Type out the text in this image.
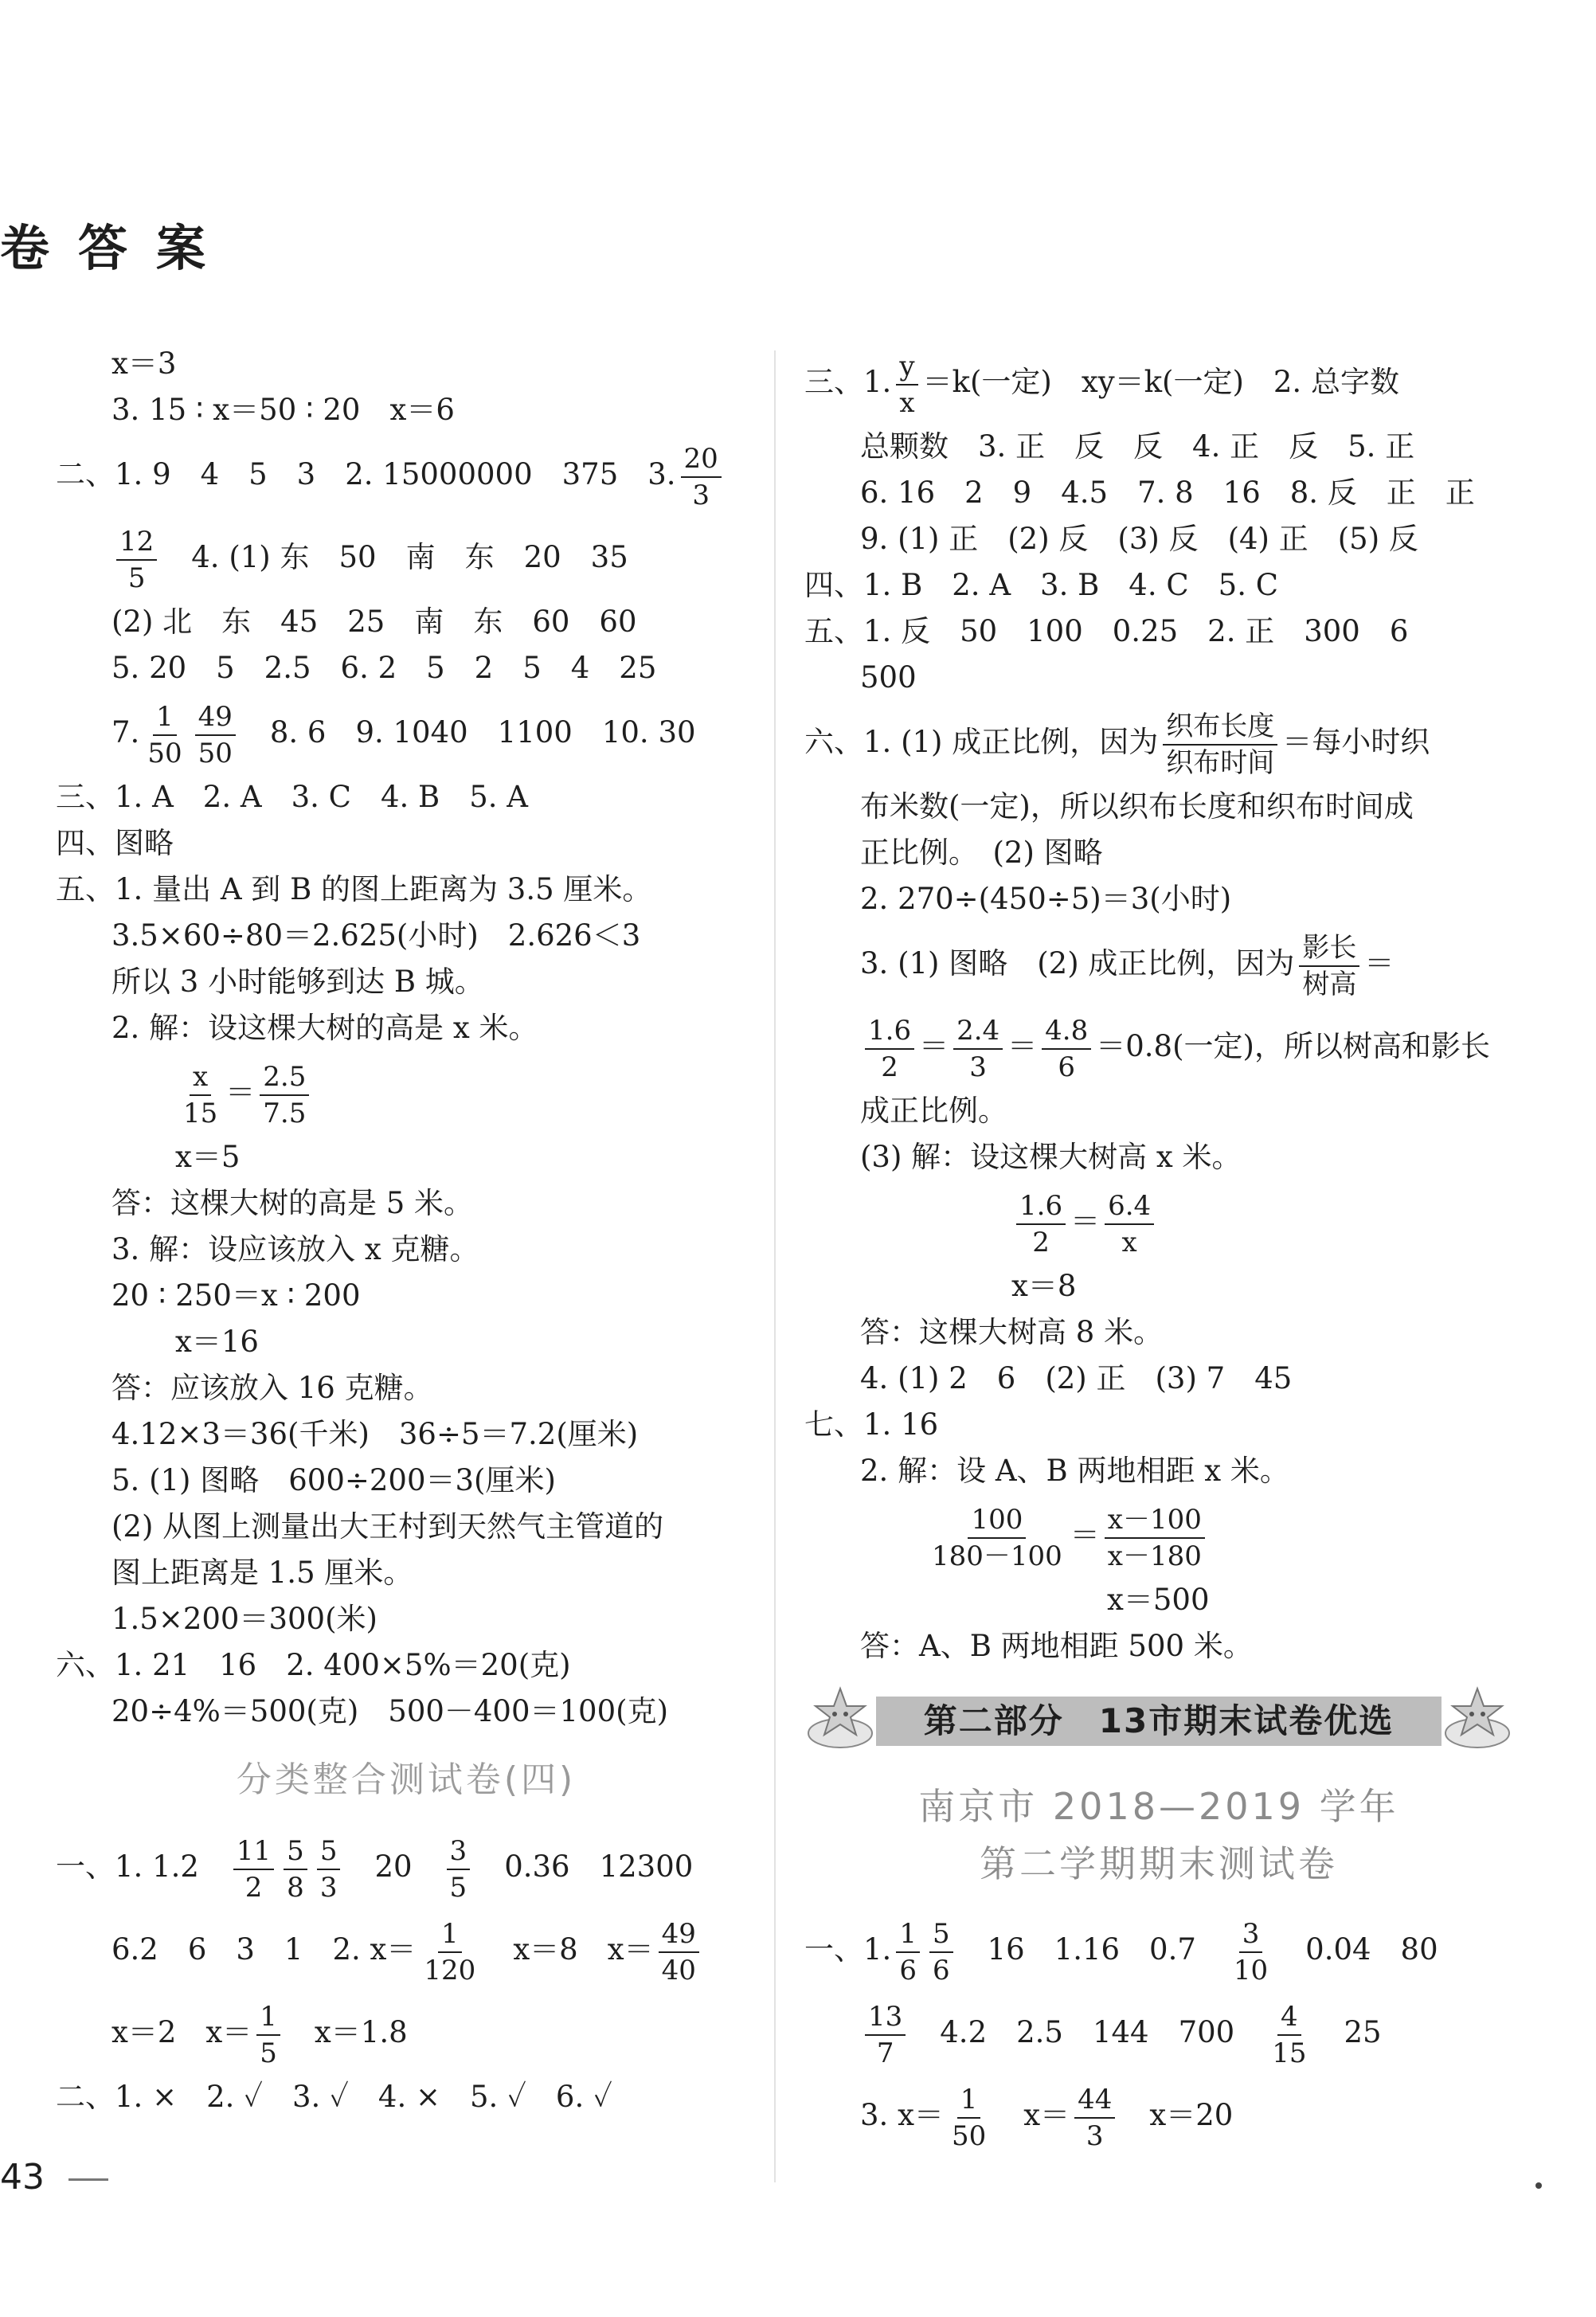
卷答案

x＝3

3. 15 ∶ x＝50 ∶ 20　x＝6

二、1. 9　4　5　3　2. 15000000　375　3. $\frac{20}{3}$

$\frac{12}{5}$
　 4. (1) 东　50　南　东　20　35

(2) 北　东　45　25　南　东　60　60

5. 20　5　2.5　6. 2　5　2　5　4　25

7. $\frac{1}{50} \frac{49}{50}$
　 8. 6　9. 1040　1100　10. 30

三、1. A　2. A　3. C　4. B　5. A

四、图略

五、1. 量出 A 到 B 的图上距离为 3.5 厘米。

3.5×60÷80＝2.625(小时)　2.626＜3

所以 3 小时能够到达 B 城。

2. 解：设这棵大树的高是 x 米。

$\frac{x}{15} = \frac{2.5}{7.5}$

x＝5

答：这棵大树的高是 5 米。

3. 解：设应该放入 x 克糖。

20 ∶ 250＝x ∶ 200

x＝16

答：应该放入 16 克糖。

4.12×3＝36(千米)　36÷5＝7.2(厘米)

5. (1) 图略　600÷200＝3(厘米)

(2) 从图上测量出大王村到天然气主管道的

图上距离是 1.5 厘米。

1.5×200＝300(米)

六、1. 21　16　2. 400×5%＝20(克)

20÷4%＝500(克)　500－400＝100(克)

分类整合测试卷(四)

一、1. 1.2　 $\frac{11}{2} \frac{5}{8} \frac{5}{3}$
　 20　 $\frac{3}{5}$
　 0.36　12300

6.2　6　3　1　2. $x= \frac{1}{120}$
　 x＝8　$x= \frac{49}{40}$

x＝2　$x= \frac{1}{5}$
　 x＝1.8

二、1. ×　2. ✓　3. ✓　4. ×　5. ✓　6. ✓

三、1. $\frac{y}{x} =k$(一定)　xy＝k(一定)　2. 总字数

总颗数　3. 正　反　反　4. 正　反　5. 正

6. 16　2　9　4.5　7. 8　16　8. 反　正　正

9. (1) 正　(2) 反　(3) 反　(4) 正　(5) 反

四、1. B　2. A　3. B　4. C　5. C

五、1. 反　50　100　0.25　2. 正　300　6

500

六、1. (1) 成正比例，因为 $\frac{\text{织布长度}}{\text{织布时间}}$ ＝每小时织

布米数(一定)，所以织布长度和织布时间成

正比例。　(2) 图略

2. 270÷(450÷5)＝3(小时)

3. (1) 图略　(2) 成正比例，因为 $\frac{\text{影长}}{\text{树高}}$ ＝

$\frac{1.6}{2} = \frac{2.4}{3} = \frac{4.8}{6} =0.8$(一定)，所以树高和影长

成正比例。

(3) 解：设这棵大树高 x 米。

$\frac{1.6}{2} = \frac{6.4}{x}$

x＝8

答：这棵大树高 8 米。

4. (1) 2　6　(2) 正　(3) 7　45

七、1. 16

2. 解：设 A、B 两地相距 x 米。

$\frac{100}{180-100} = \frac{x-100}{x-180}$

x＝500

答：A、B 两地相距 500 米。

第二部分　13市期末试卷优选
南京市 2018—2019 学年
第二学期期末测试卷

一、1. $\frac{1}{6} \frac{5}{6}$
　 16　1.16　0.7　 $\frac{3}{10}$
　 0.04　80

$\frac{13}{7}$
　 4.2　2.5　144　700　 $\frac{4}{15}$
　 25

3. $x= \frac{1}{50}$
　 $x= \frac{44}{3}$
　 x＝20

43
